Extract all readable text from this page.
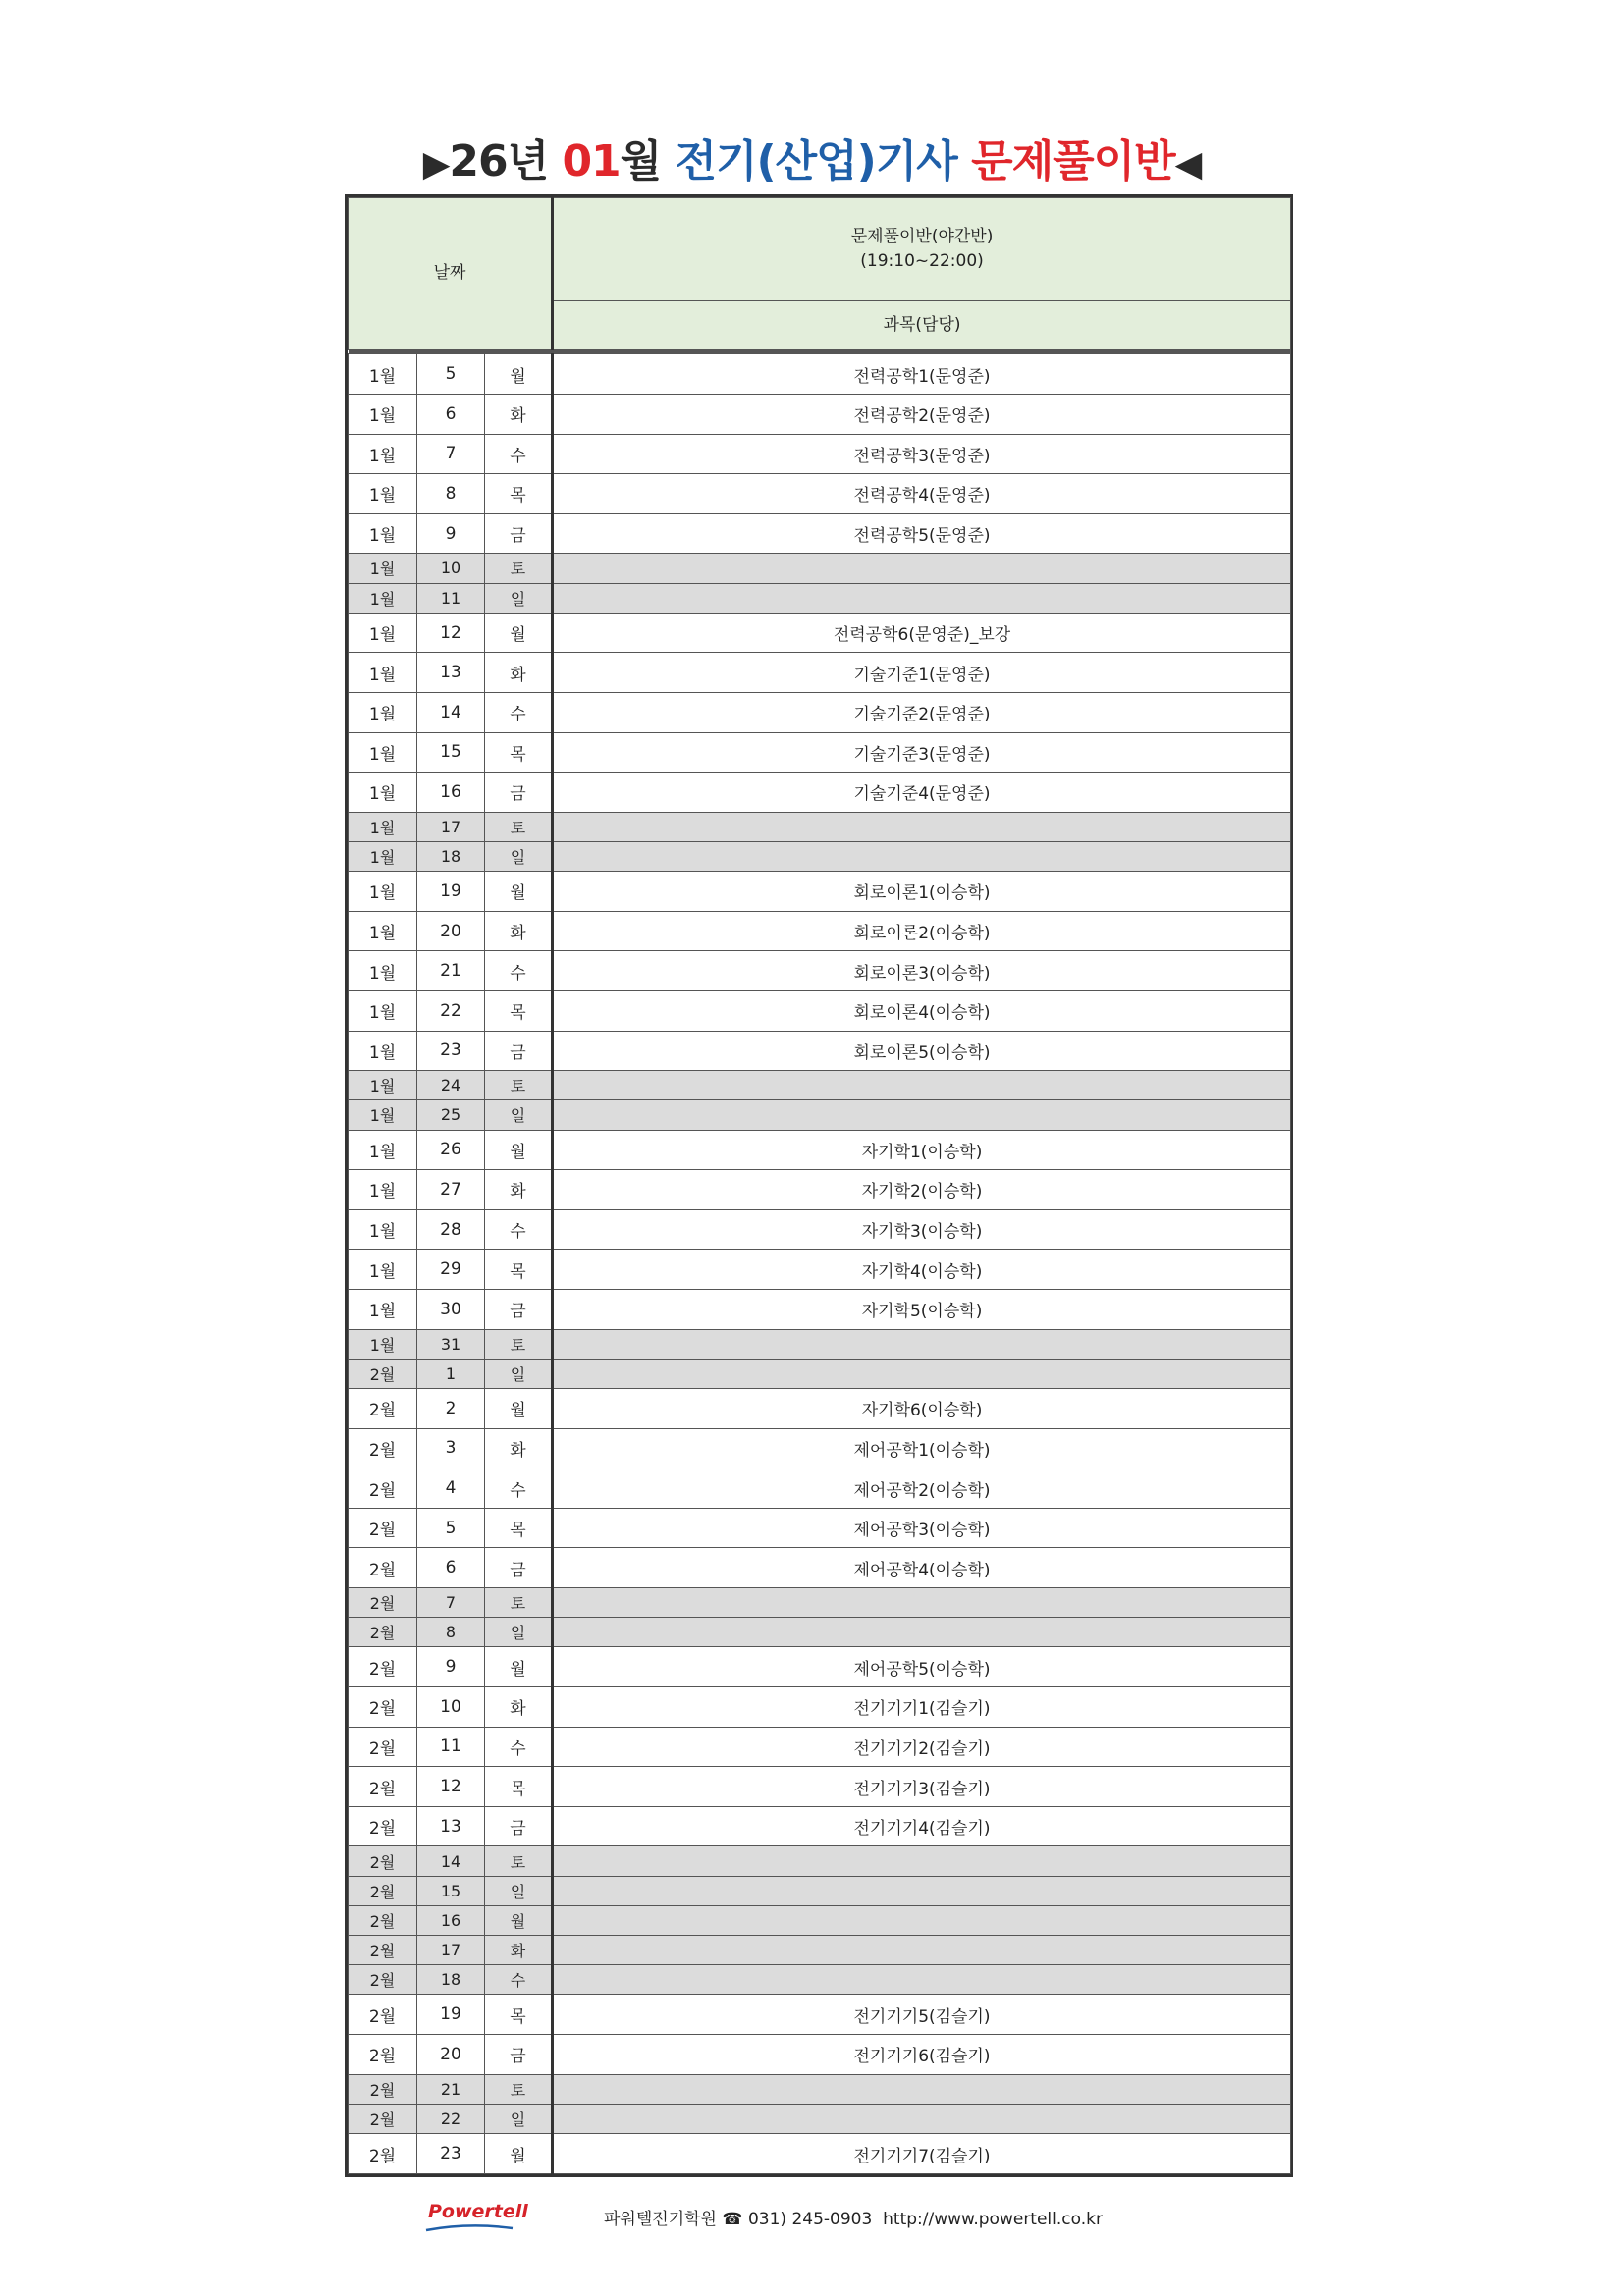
▶26년 01월 전기(산업)기사 문제풀이반◀
날짜			문제풀이반(야간반)
(19:10~22:00)

			과목(담당)

1월	5	월	전력공학1(문영준)
1월	6	화	전력공학2(문영준)
1월	7	수	전력공학3(문영준)
1월	8	목	전력공학4(문영준)
1월	9	금	전력공학5(문영준)
1월	10	토	
1월	11	일	
1월	12	월	전력공학6(문영준)_보강
1월	13	화	기술기준1(문영준)
1월	14	수	기술기준2(문영준)
1월	15	목	기술기준3(문영준)
1월	16	금	기술기준4(문영준)
1월	17	토	
1월	18	일	
1월	19	월	회로이론1(이승학)
1월	20	화	회로이론2(이승학)
1월	21	수	회로이론3(이승학)
1월	22	목	회로이론4(이승학)
1월	23	금	회로이론5(이승학)
1월	24	토	
1월	25	일	
1월	26	월	자기학1(이승학)
1월	27	화	자기학2(이승학)
1월	28	수	자기학3(이승학)
1월	29	목	자기학4(이승학)
1월	30	금	자기학5(이승학)
1월	31	토	
2월	1	일	
2월	2	월	자기학6(이승학)
2월	3	화	제어공학1(이승학)
2월	4	수	제어공학2(이승학)
2월	5	목	제어공학3(이승학)
2월	6	금	제어공학4(이승학)
2월	7	토	
2월	8	일	
2월	9	월	제어공학5(이승학)
2월	10	화	전기기기1(김슬기)
2월	11	수	전기기기2(김슬기)
2월	12	목	전기기기3(김슬기)
2월	13	금	전기기기4(김슬기)
2월	14	토	
2월	15	일	
2월	16	월	
2월	17	화	
2월	18	수	
2월	19	목	전기기기5(김슬기)
2월	20	금	전기기기6(김슬기)
2월	21	토	
2월	22	일	
2월	23	월	전기기기7(김슬기)
Powertell	파워텔전기학원 ☎ 031) 245-0903 http://www.powertell.co.kr
